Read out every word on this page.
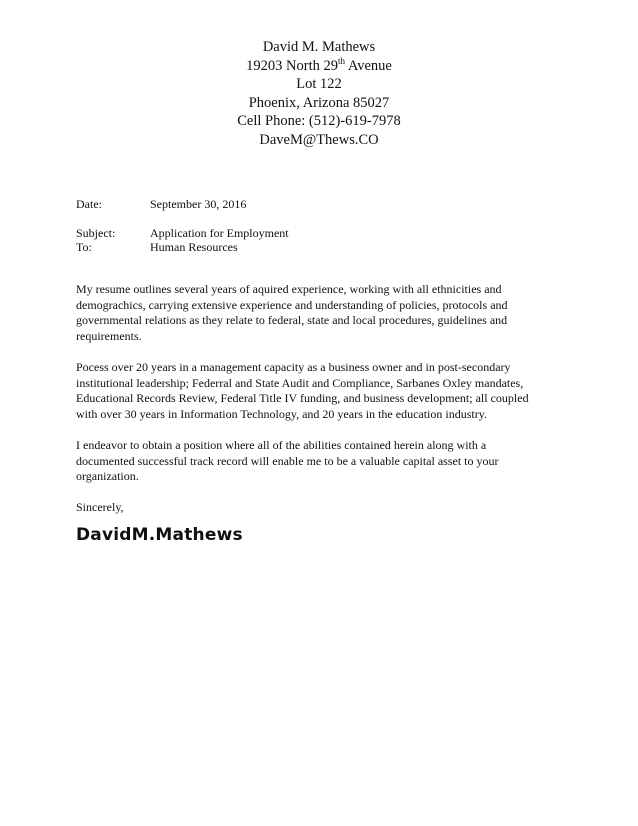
David M. Mathews
19203 North 29th Avenue
Lot 122
Phoenix, Arizona 85027
Cell Phone: (512)-619-7978
DaveM@Thews.CO
Date:	September 30, 2016
Subject:	Application for Employment
To:	Human Resources

My resume outlines several years of aquired experience, working with all ethnicities and
demograchics, carrying extensive experience and understanding of policies, protocols and
governmental relations as they relate to federal, state and local procedures, guidelines and
requirements.

Pocess over 20 years in a management capacity as a business owner and in post-secondary
institutional leadership; Federral and State Audit and Compliance, Sarbanes Oxley mandates,
Educational Records Review, Federal Title IV funding, and business development; all coupled
with over 30 years in Information Technology, and 20 years in the education industry.

I endeavor to obtain a position where all of the abilities contained herein along with a
documented successful track record will enable me to be a valuable capital asset to your
organization.

Sincerely,

DavidM.Mathews
